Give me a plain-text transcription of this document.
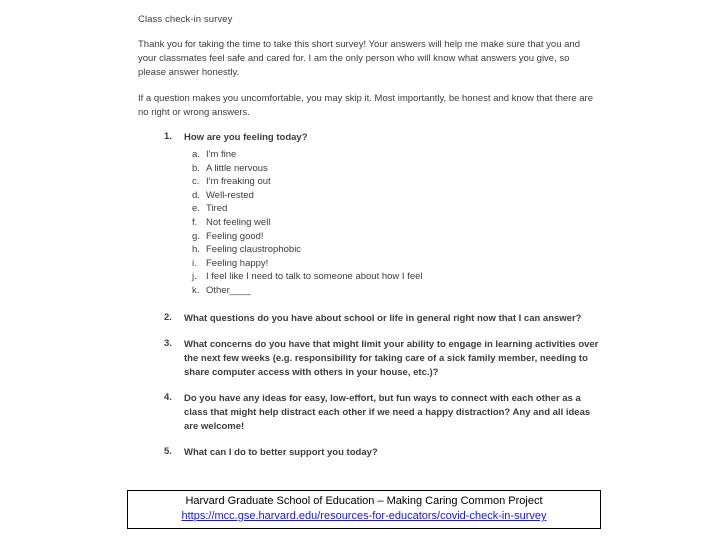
Class check-in survey
Thank you for taking the time to take this short survey! Your answers will help me make sure that you and your classmates feel safe and cared for. I am the only person who will know what answers you give, so please answer honestly.
If a question makes you uncomfortable, you may skip it. Most importantly, be honest and know that there are no right or wrong answers.
1.	How are you feeling today?
a. I'm fine
b. A little nervous
c. I'm freaking out
d. Well-rested
e. Tired
f. Not feeling well
g. Feeling good!
h. Feeling claustrophobic
i. Feeling happy!
j. I feel like I need to talk to someone about how I feel
k. Other____
2.	What questions do you have about school or life in general right now that I can answer?
3.	What concerns do you have that might limit your ability to engage in learning activities over the next few weeks (e.g. responsibility for taking care of a sick family member, needing to share computer access with others in your house, etc.)?
4.	Do you have any ideas for easy, low-effort, but fun ways to connect with each other as a class that might help distract each other if we need a happy distraction? Any and all ideas are welcome!
5.	What can I do to better support you today?
Harvard Graduate School of Education – Making Caring Common Project
https://mcc.gse.harvard.edu/resources-for-educators/covid-check-in-survey
